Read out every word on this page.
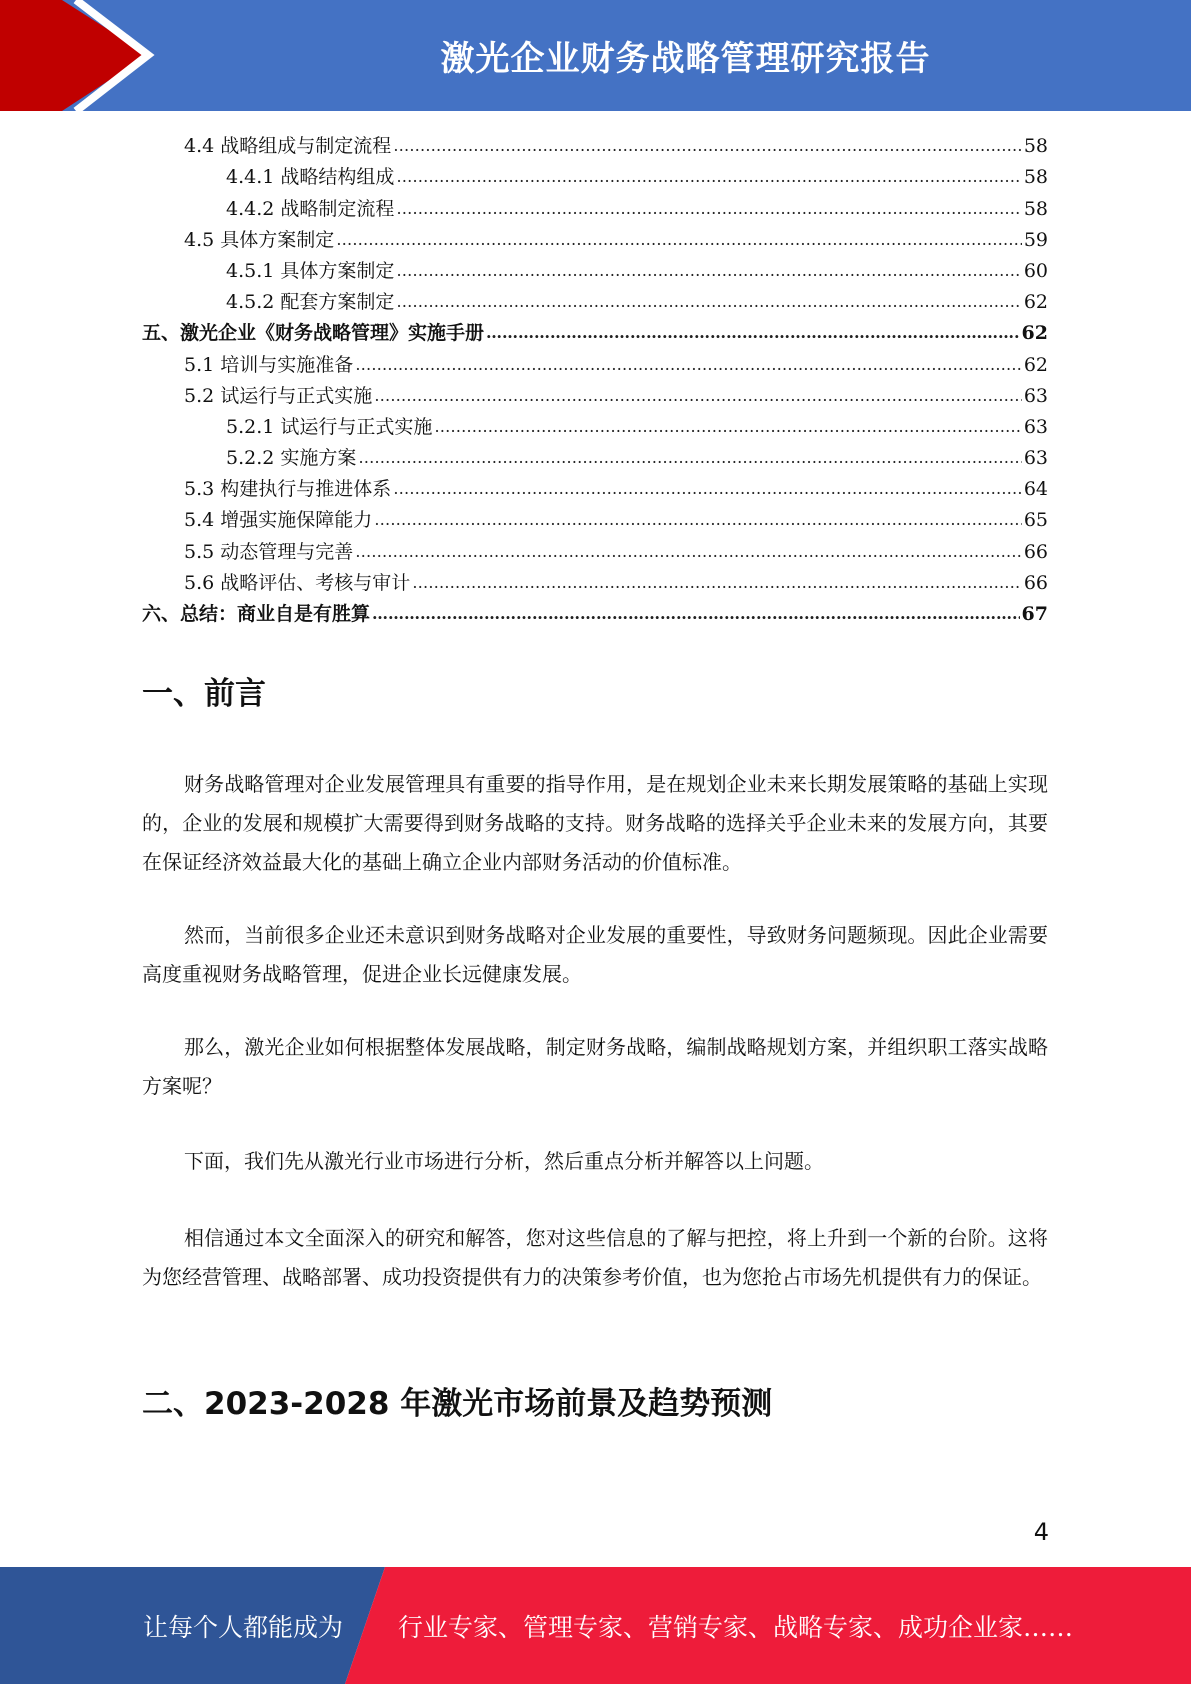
激光企业财务战略管理研究报告
4.4 战略组成与制定流程 ……………………………………………………………………………………………………………………………………………………………………………………………………………	58
4.4.1 战略结构组成 ……………………………………………………………………………………………………………………………………………………………………………………………………………	58
4.4.2 战略制定流程 ……………………………………………………………………………………………………………………………………………………………………………………………………………	58
4.5 具体方案制定 ……………………………………………………………………………………………………………………………………………………………………………………………………………	59
4.5.1 具体方案制定 ……………………………………………………………………………………………………………………………………………………………………………………………………………	60
4.5.2 配套方案制定 ……………………………………………………………………………………………………………………………………………………………………………………………………………	62
五、激光企业《财务战略管理》实施手册 ……………………………………………………………………………………………………………………………………………………………………………………………………………	62
5.1 培训与实施准备 ……………………………………………………………………………………………………………………………………………………………………………………………………………	62
5.2 试运行与正式实施 ……………………………………………………………………………………………………………………………………………………………………………………………………………	63
5.2.1 试运行与正式实施 ……………………………………………………………………………………………………………………………………………………………………………………………………………	63
5.2.2 实施方案 ……………………………………………………………………………………………………………………………………………………………………………………………………………	63
5.3 构建执行与推进体系 ……………………………………………………………………………………………………………………………………………………………………………………………………………	64
5.4 增强实施保障能力 ……………………………………………………………………………………………………………………………………………………………………………………………………………	65
5.5 动态管理与完善 ……………………………………………………………………………………………………………………………………………………………………………………………………………	66
5.6 战略评估、考核与审计 ……………………………………………………………………………………………………………………………………………………………………………………………………………	66
六、总结：商业自是有胜算 ……………………………………………………………………………………………………………………………………………………………………………………………………………	67
一、前言

财务战略管理对企业发展管理具有重要的指导作用，是在规划企业未来长期发展策略的基础上实现的，企业的发展和规模扩大需要得到财务战略的支持。财务战略的选择关乎企业未来的发展方向，其要在保证经济效益最大化的基础上确立企业内部财务活动的价值标准。

然而，当前很多企业还未意识到财务战略对企业发展的重要性，导致财务问题频现。因此企业需要高度重视财务战略管理，促进企业长远健康发展。

那么，激光企业如何根据整体发展战略，制定财务战略，编制战略规划方案，并组织职工落实战略方案呢？

下面，我们先从激光行业市场进行分析，然后重点分析并解答以上问题。

相信通过本文全面深入的研究和解答，您对这些信息的了解与把控，将上升到一个新的台阶。这将为您经营管理、战略部署、成功投资提供有力的决策参考价值，也为您抢占市场先机提供有力的保证。

二、2023-2028 年激光市场前景及趋势预测
4
让每个人都能成为 行业专家、管理专家、营销专家、战略专家、成功企业家……
